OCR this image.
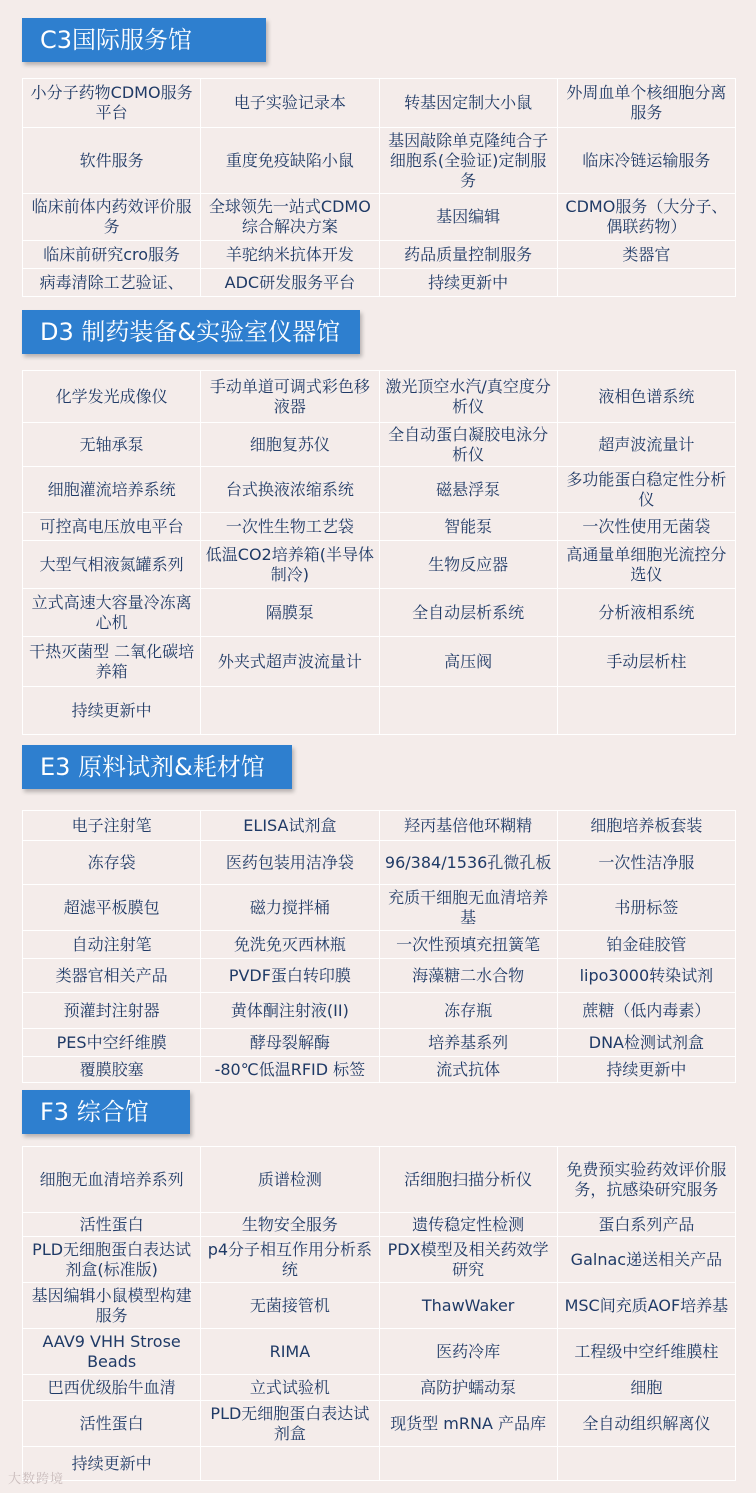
C3国际服务馆
小分子药物CDMO服务平台	电子实验记录本	转基因定制大小鼠	外周血单个核细胞分离服务
软件服务	重度免疫缺陷小鼠	基因敲除单克隆纯合子细胞系(全验证)定制服务	临床冷链运输服务
临床前体内药效评价服务	全球领先一站式CDMO综合解决方案	基因编辑	CDMO服务（大分子、偶联药物）
临床前研究cro服务	羊驼纳米抗体开发	药品质量控制服务	类器官
病毒清除工艺验证、	ADC研发服务平台	持续更新中	
D3 制药装备&实验室仪器馆
化学发光成像仪	手动单道可调式彩色移液器	激光顶空水汽/真空度分析仪	液相色谱系统
无轴承泵	细胞复苏仪	全自动蛋白凝胶电泳分析仪	超声波流量计
细胞灌流培养系统	台式换液浓缩系统	磁悬浮泵	多功能蛋白稳定性分析仪
可控高电压放电平台	一次性生物工艺袋	智能泵	一次性使用无菌袋
大型气相液氮罐系列	低温CO2培养箱(半导体制冷)	生物反应器	高通量单细胞光流控分选仪
立式高速大容量冷冻离心机	隔膜泵	全自动层析系统	分析液相系统
干热灭菌型 二氧化碳培养箱	外夹式超声波流量计	高压阀	手动层析柱
持续更新中			
E3 原料试剂&耗材馆
电子注射笔	ELISA试剂盒	羟丙基倍他环糊精	细胞培养板套装
冻存袋	医药包装用洁净袋	96/384/1536孔微孔板	一次性洁净服
超滤平板膜包	磁力搅拌桶	充质干细胞无血清培养基	书册标签
自动注射笔	免洗免灭西林瓶	一次性预填充扭簧笔	铂金硅胶管
类器官相关产品	PVDF蛋白转印膜	海藻糖二水合物	lipo3000转染试剂
预灌封注射器	黄体酮注射液(II)	冻存瓶	蔗糖（低内毒素）
PES中空纤维膜	酵母裂解酶	培养基系列	DNA检测试剂盒
覆膜胶塞	-80℃低温RFID 标签	流式抗体	持续更新中
F3 综合馆
细胞无血清培养系列	质谱检测	活细胞扫描分析仪	免费预实验药效评价服务，抗感染研究服务
活性蛋白	生物安全服务	遗传稳定性检测	蛋白系列产品
PLD无细胞蛋白表达试剂盒(标准版)	p4分子相互作用分析系统	PDX模型及相关药效学研究	Galnac递送相关产品
基因编辑小鼠模型构建服务	无菌接管机	ThawWaker	MSC间充质AOF培养基
AAV9 VHH Strose Beads	RIMA	医药冷库	工程级中空纤维膜柱
巴西优级胎牛血清	立式试验机	高防护蠕动泵	细胞
活性蛋白	PLD无细胞蛋白表达试剂盒	现货型 mRNA 产品库	全自动组织解离仪
持续更新中			
大数跨境
